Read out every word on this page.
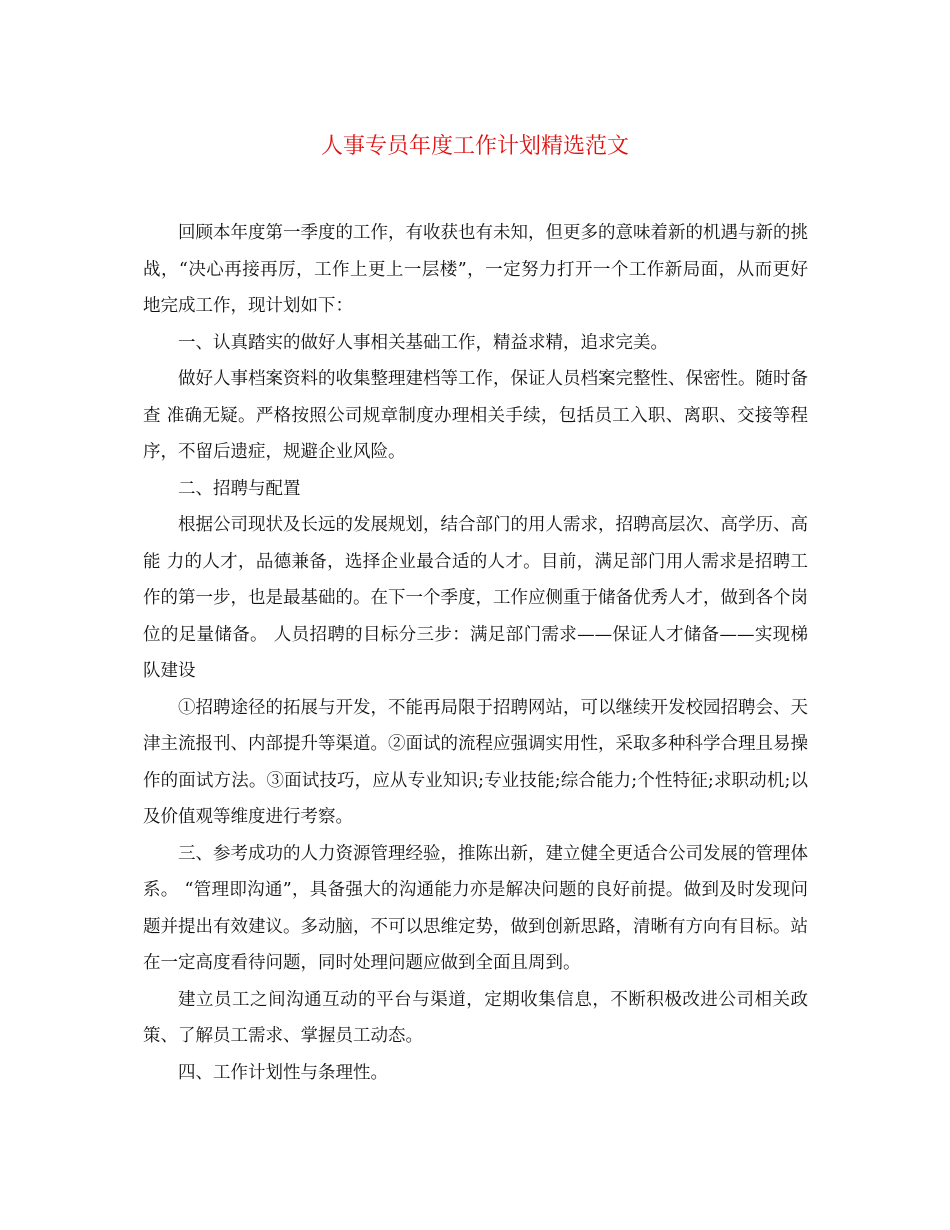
人事专员年度工作计划精选范文

回顾本年度第一季度的工作，有收获也有未知，但更多的意味着新的机遇与新的挑战，“决心再接再厉，工作上更上一层楼”，一定努力打开一个工作新局面，从而更好地完成工作，现计划如下：

一、认真踏实的做好人事相关基础工作，精益求精，追求完美。

做好人事档案资料的收集整理建档等工作，保证人员档案完整性、保密性。随时备查 准确无疑。严格按照公司规章制度办理相关手续，包括员工入职、离职、交接等程序，不留后遗症，规避企业风险。

二、招聘与配置

根据公司现状及长远的发展规划，结合部门的用人需求，招聘高层次、高学历、高能 力的人才，品德兼备，选择企业最合适的人才。目前，满足部门用人需求是招聘工作的第一步，也是最基础的。在下一个季度，工作应侧重于储备优秀人才，做到各个岗位的足量储备。 人员招聘的目标分三步：满足部门需求——保证人才储备——实现梯队建设

①招聘途径的拓展与开发，不能再局限于招聘网站，可以继续开发校园招聘会、天津主流报刊、内部提升等渠道。②面试的流程应强调实用性，采取多种科学合理且易操作的面试方法。③面试技巧，应从专业知识;专业技能;综合能力;个性特征;求职动机;以及价值观等维度进行考察。

三、参考成功的人力资源管理经验，推陈出新，建立健全更适合公司发展的管理体系。 “管理即沟通”，具备强大的沟通能力亦是解决问题的良好前提。做到及时发现问题并提出有效建议。多动脑，不可以思维定势，做到创新思路，清晰有方向有目标。站在一定高度看待问题，同时处理问题应做到全面且周到。

建立员工之间沟通互动的平台与渠道，定期收集信息，不断积极改进公司相关政策、了解员工需求、掌握员工动态。

四、工作计划性与条理性。
